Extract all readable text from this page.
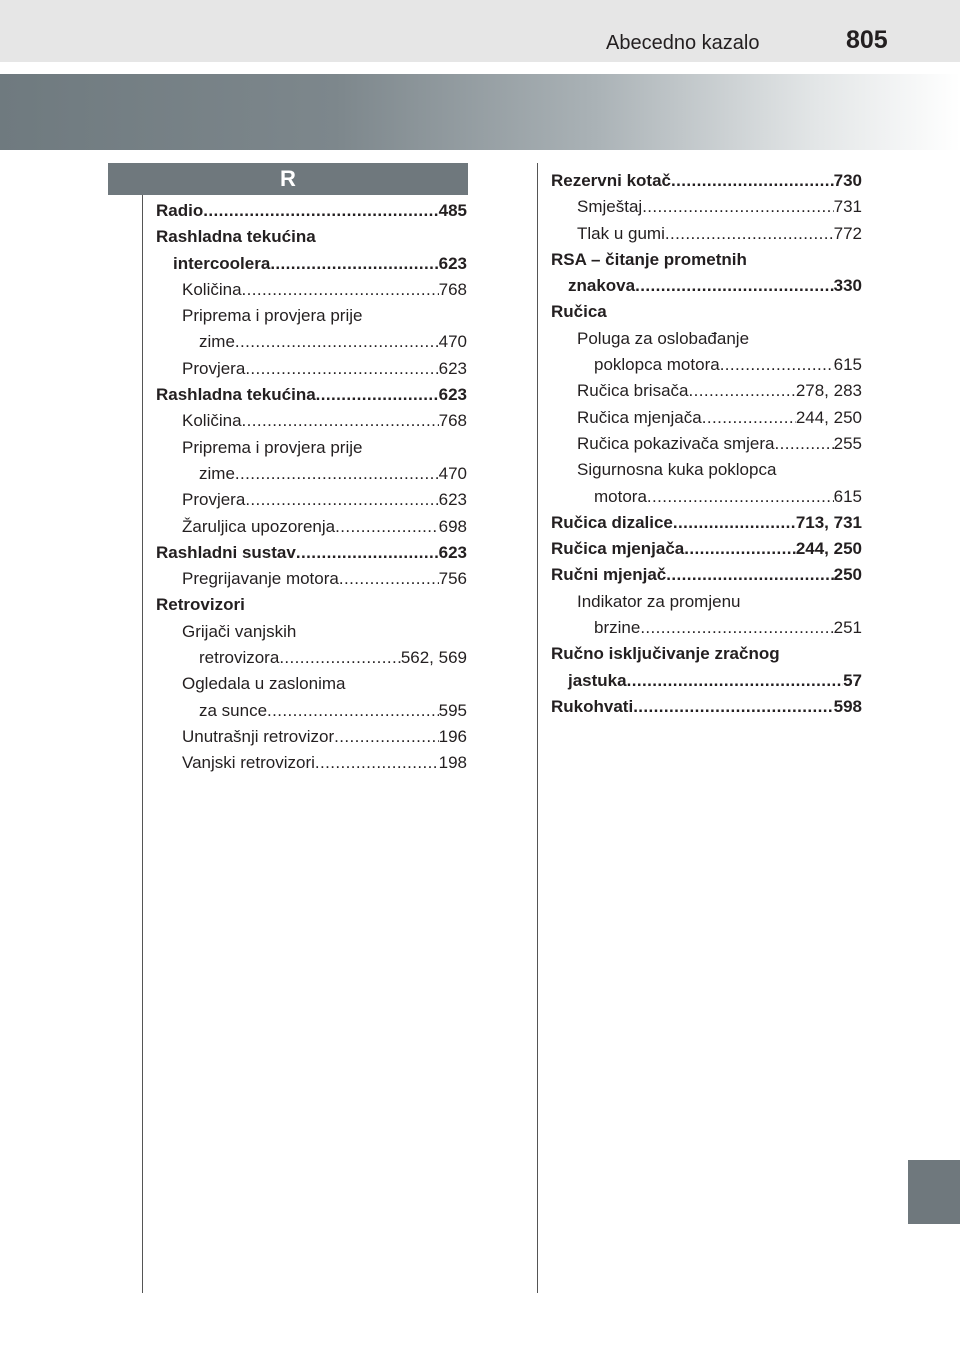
Abecedno kazalo	805
R
Radio .....	485
Rashladna tekućina
intercoolera .....	623
Količina .....	768
Priprema i provjera prije
zime .....	470
Provjera .....	623
Rashladna tekućina .....	623
Količina .....	768
Priprema i provjera prije
zime .....	470
Provjera .....	623
Žaruljica upozorenja .....	698
Rashladni sustav .....	623
Pregrijavanje motora .....	756
Retrovizori
Grijači vanjskih
retrovizora .....	562, 569
Ogledala u zaslonima
za sunce .....	595
Unutrašnji retrovizor .....	196
Vanjski retrovizori .....	198
Rezervni kotač .....	730
Smještaj .....	731
Tlak u gumi .....	772
RSA – čitanje prometnih
znakova .....	330
Ručica
Poluga za oslobađanje
poklopca motora .....	615
Ručica brisača .....	278, 283
Ručica mjenjača .....	244, 250
Ručica pokazivača smjera .....	255
Sigurnosna kuka poklopca
motora .....	615
Ručica dizalice .....	713, 731
Ručica mjenjača .....	244, 250
Ručni mjenjač .....	250
Indikator za promjenu
brzine .....	251
Ručno isključivanje zračnog
jastuka .....	57
Rukohvati .....	598
